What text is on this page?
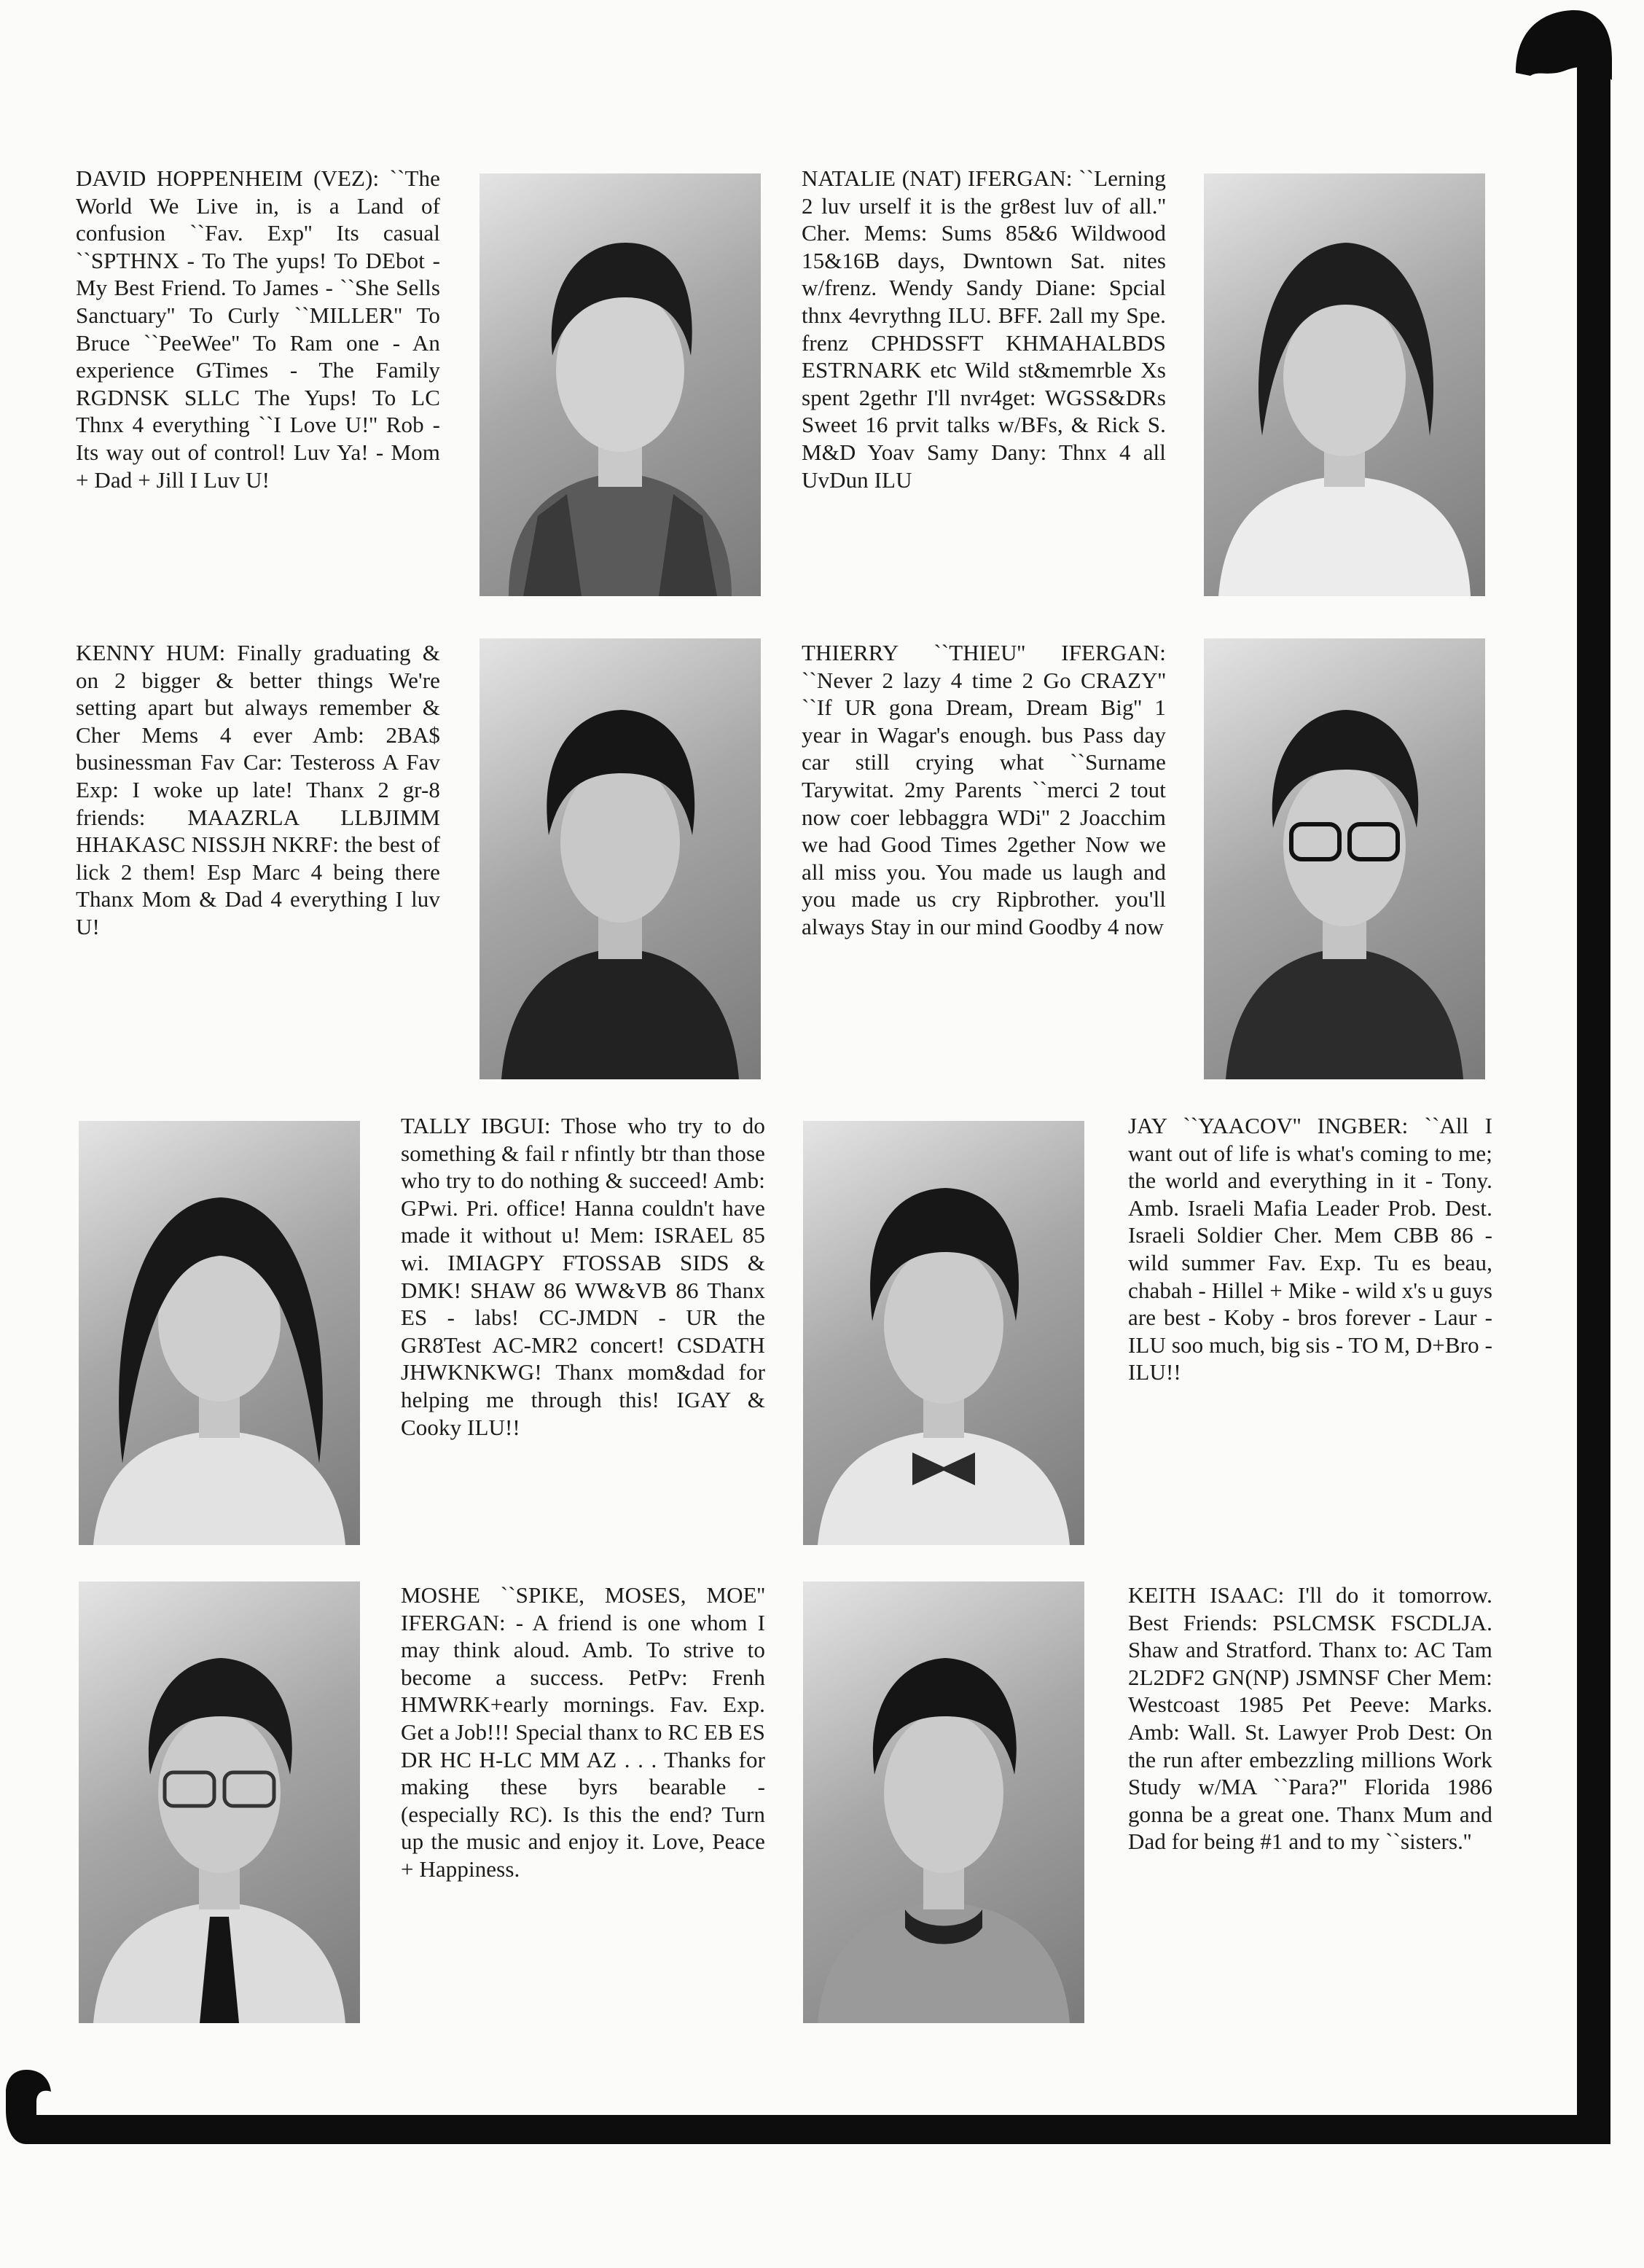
DAVID HOPPENHEIM (VEZ): ``The World We Live in, is a Land of confusion ``Fav. Exp'' Its casual ``SPTHNX - To The yups! To DEbot - My Best Friend. To James - ``She Sells Sanctuary'' To Curly ``MILLER'' To Bruce ``PeeWee'' To Ram one - An experience GTimes - The Family RGDNSK SLLC The Yups! To LC Thnx 4 everything ``I Love U!'' Rob - Its way out of control! Luv Ya! - Mom + Dad + Jill I Luv U!

NATALIE (NAT) IFERGAN: ``Lerning 2 luv urself it is the gr8est luv of all.'' Cher. Mems: Sums 85&6 Wildwood 15&16B days, Dwntown Sat. nites w/frenz. Wendy Sandy Diane: Spcial thnx 4evrythng ILU. BFF. 2all my Spe. frenz CPHDSSFT KHMAHALBDS ESTRNARK etc Wild st&memrble Xs spent 2gethr I'll nvr4get: WGSS&DRs Sweet 16 prvit talks w/BFs, & Rick S. M&D Yoav Samy Dany: Thnx 4 all UvDun ILU

KENNY HUM: Finally graduating & on 2 bigger & better things We're setting apart but always remember & Cher Mems 4 ever Amb: 2BA$ businessman Fav Car: Testeross A Fav Exp: I woke up late! Thanx 2 gr-8 friends: MAAZRLA LLBJIMM HHAKASC NISSJH NKRF: the best of lick 2 them! Esp Marc 4 being there Thanx Mom & Dad 4 everything I luv U!

THIERRY ``THIEU'' IFERGAN: ``Never 2 lazy 4 time 2 Go CRAZY'' ``If UR gona Dream, Dream Big'' 1 year in Wagar's enough. bus Pass day car still crying what ``Surname Tarywitat. 2my Parents ``merci 2 tout now coer lebbaggra WDi'' 2 Joacchim we had Good Times 2gether Now we all miss you. You made us laugh and you made us cry Ripbrother. you'll always Stay in our mind Goodby 4 now

TALLY IBGUI: Those who try to do something & fail r nfintly btr than those who try to do nothing & succeed! Amb: GPwi. Pri. office! Hanna couldn't have made it without u! Mem: ISRAEL 85 wi. IMIAGPY FTOSSAB SIDS & DMK! SHAW 86 WW&VB 86 Thanx ES - labs! CC-JMDN - UR the GR8Test AC-MR2 concert! CSDATH JHWKNKWG! Thanx mom&dad for helping me through this! IGAY & Cooky ILU!!

JAY ``YAACOV'' INGBER: ``All I want out of life is what's coming to me; the world and everything in it - Tony. Amb. Israeli Mafia Leader Prob. Dest. Israeli Soldier Cher. Mem CBB 86 - wild summer Fav. Exp. Tu es beau, chabah - Hillel + Mike - wild x's u guys are best - Koby - bros forever - Laur - ILU soo much, big sis - TO M, D+Bro - ILU!!

MOSHE ``SPIKE, MOSES, MOE'' IFERGAN: - A friend is one whom I may think aloud. Amb. To strive to become a success. PetPv: Frenh HMWRK+early mornings. Fav. Exp. Get a Job!!! Special thanx to RC EB ES DR HC H-LC MM AZ . . . Thanks for making these byrs bearable - (especially RC). Is this the end? Turn up the music and enjoy it. Love, Peace + Happiness.

KEITH ISAAC: I'll do it tomorrow. Best Friends: PSLCMSK FSCDLJA. Shaw and Stratford. Thanx to: AC Tam 2L2DF2 GN(NP) JSMNSF Cher Mem: Westcoast 1985 Pet Peeve: Marks. Amb: Wall. St. Lawyer Prob Dest: On the run after embezzling millions Work Study w/MA ``Para?'' Florida 1986 gonna be a great one. Thanx Mum and Dad for being #1 and to my ``sisters.''
